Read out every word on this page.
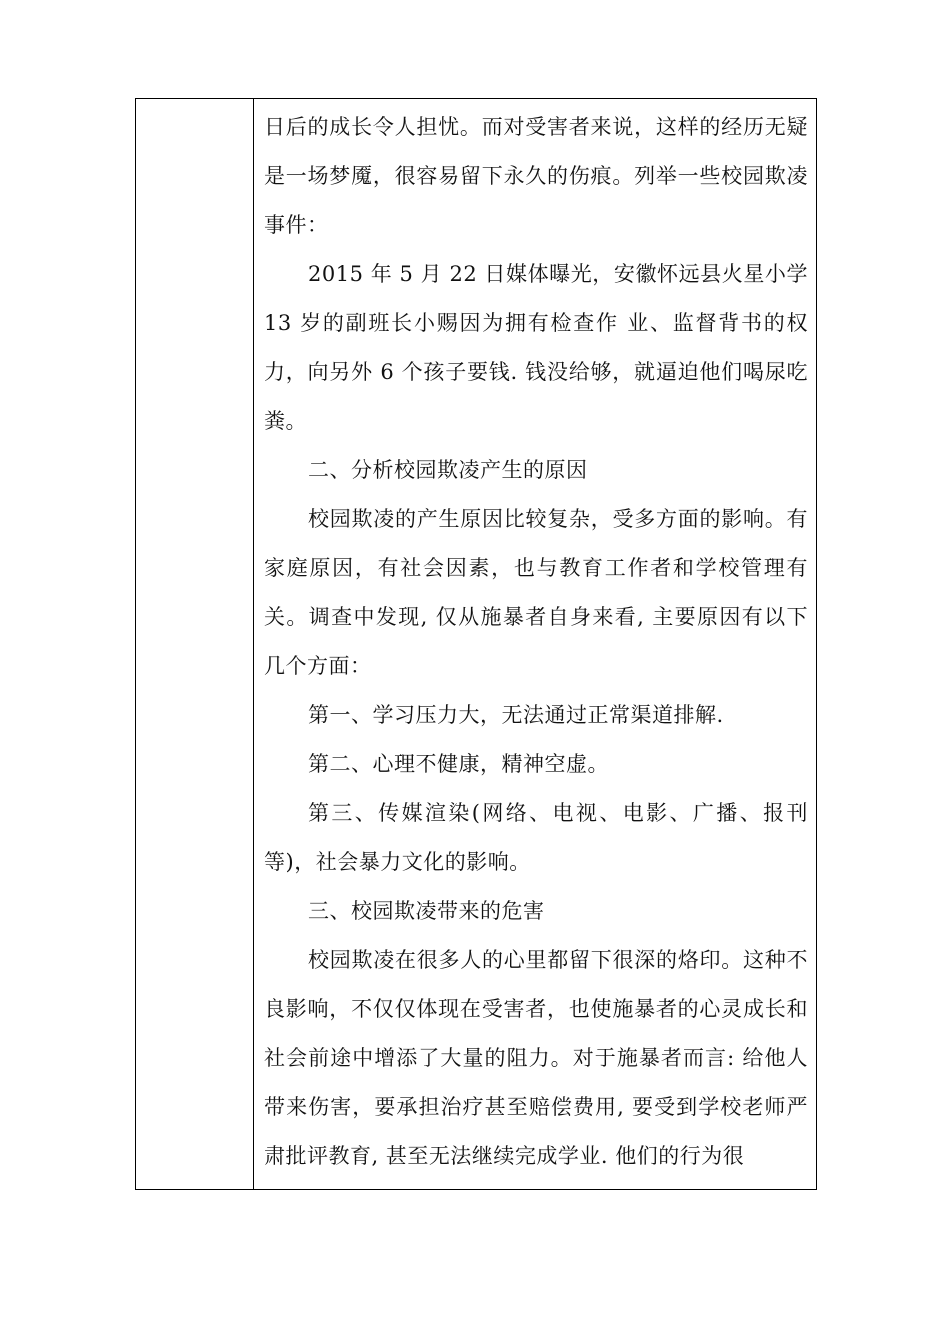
日后的成长令人担忧。而对受害者来说，这样的经历无疑是一场梦魇，很容易留下永久的伤痕。列举一些校园欺凌事件：

2015 年 5 月 22 日媒体曝光，安徽怀远县火星小学 13 岁的副班长小赐因为拥有检查作 业、监督背书的权力，向另外 6 个孩子要钱. 钱没给够，就逼迫他们喝尿吃粪。

二、分析校园欺凌产生的原因

校园欺凌的产生原因比较复杂，受多方面的影响。有家庭原因，有社会因素，也与教育工作者和学校管理有关。调查中发现, 仅从施暴者自身来看, 主要原因有以下几个方面：

第一、学习压力大，无法通过正常渠道排解.

第二、心理不健康，精神空虚。

第三、传媒渲染(网络、电视、电影、广播、报刊等)，社会暴力文化的影响。

三、校园欺凌带来的危害

校园欺凌在很多人的心里都留下很深的烙印。这种不良影响，不仅仅体现在受害者，也使施暴者的心灵成长和社会前途中增添了大量的阻力。对于施暴者而言: 给他人带来伤害，要承担治疗甚至赔偿费用, 要受到学校老师严肃批评教育, 甚至无法继续完成学业. 他们的行为很
